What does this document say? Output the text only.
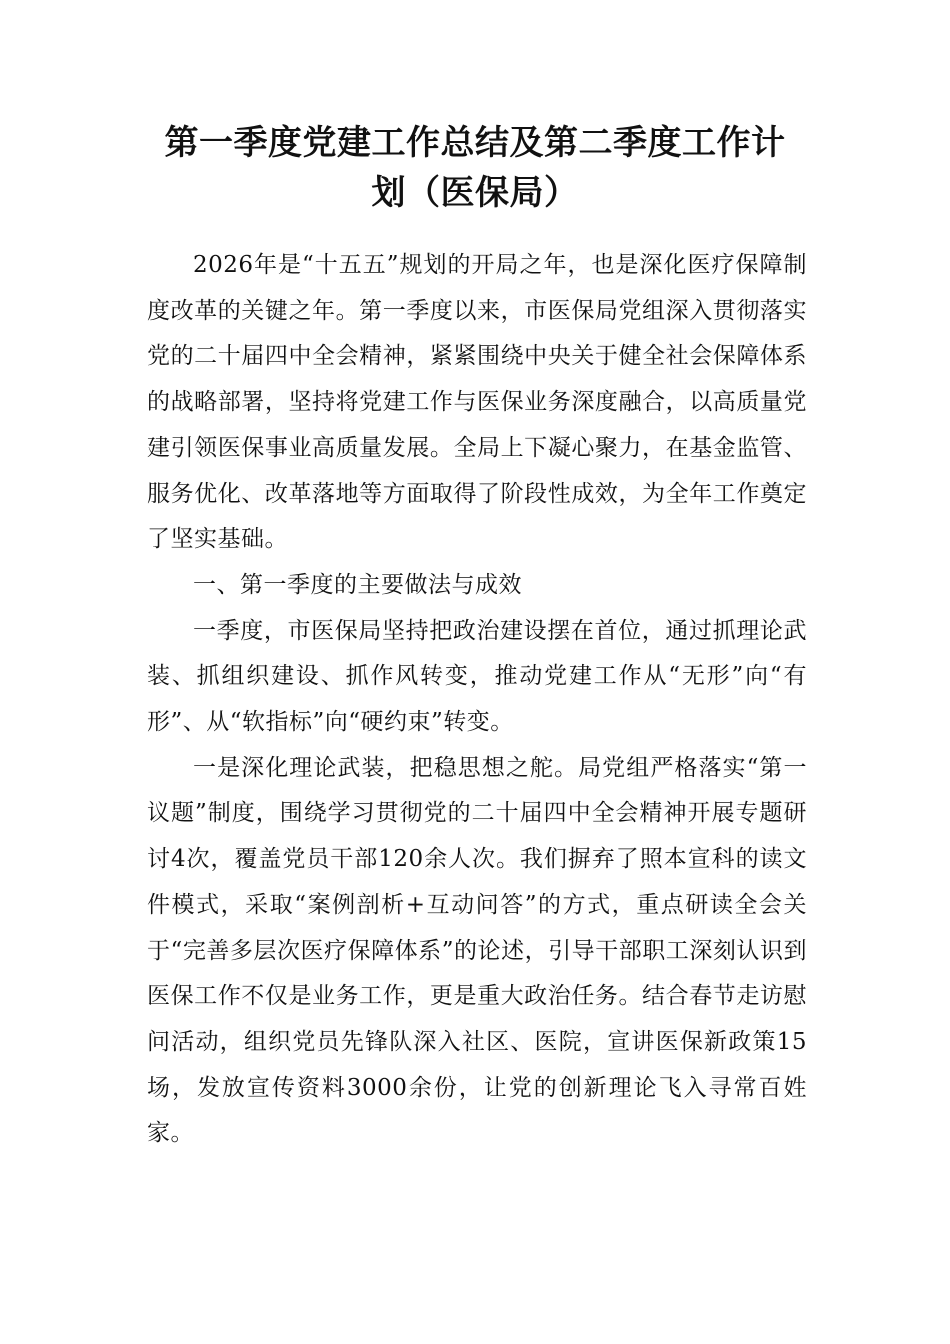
第一季度党建工作总结及第二季度工作计
划（医保局）

2026年是“十五五”规划的开局之年，也是深化医疗保障制度改革的关键之年。第一季度以来，市医保局党组深入贯彻落实党的二十届四中全会精神，紧紧围绕中央关于健全社会保障体系的战略部署，坚持将党建工作与医保业务深度融合，以高质量党建引领医保事业高质量发展。全局上下凝心聚力，在基金监管、服务优化、改革落地等方面取得了阶段性成效，为全年工作奠定了坚实基础。

一、第一季度的主要做法与成效

一季度，市医保局坚持把政治建设摆在首位，通过抓理论武装、抓组织建设、抓作风转变，推动党建工作从“无形”向“有形”、从“软指标”向“硬约束”转变。

一是深化理论武装，把稳思想之舵。局党组严格落实“第一议题”制度，围绕学习贯彻党的二十届四中全会精神开展专题研讨4次，覆盖党员干部120余人次。我们摒弃了照本宣科的读文件模式，采取“案例剖析+互动问答”的方式，重点研读全会关于“完善多层次医疗保障体系”的论述，引导干部职工深刻认识到医保工作不仅是业务工作，更是重大政治任务。结合春节走访慰问活动，组织党员先锋队深入社区、医院，宣讲医保新政策15场，发放宣传资料3000余份，让党的创新理论飞入寻常百姓家。
